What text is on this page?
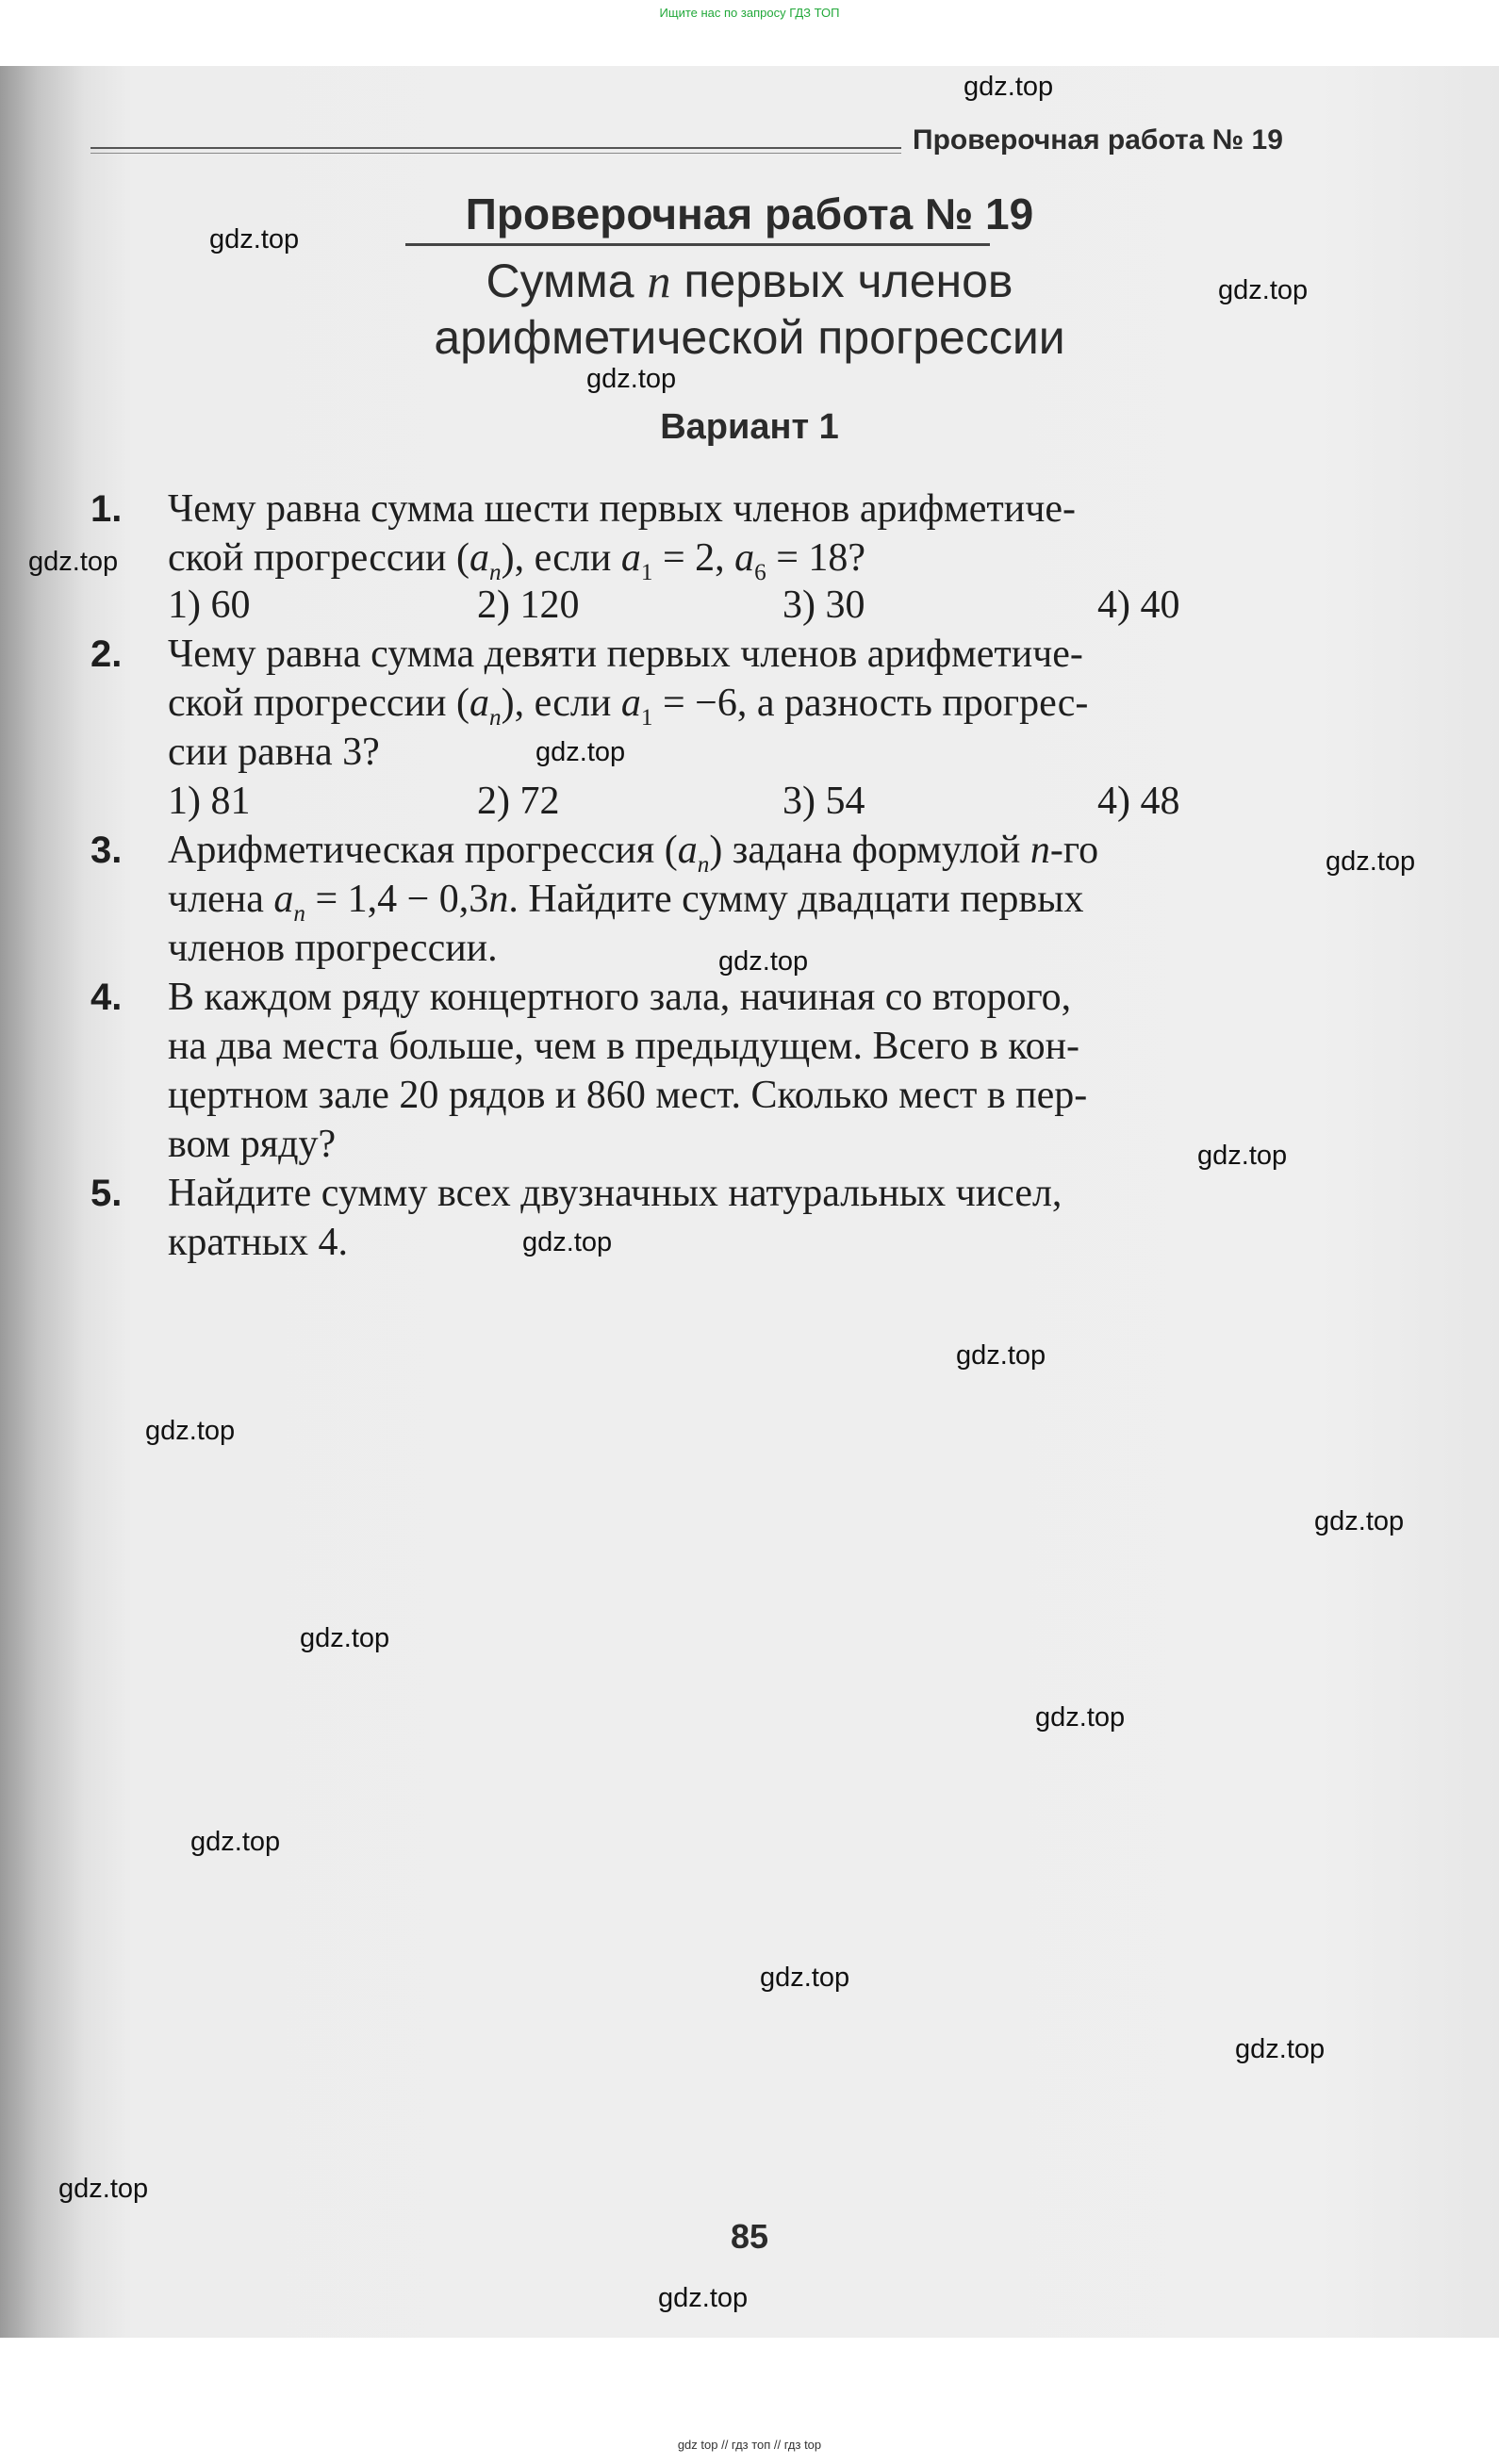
Ищите нас по запросу ГДЗ ТОП
Проверочная работа № 19
Проверочная работа № 19
Сумма n первых членов
арифметической прогрессии
Вариант 1
1. Чему равна сумма шести первых членов арифметиче-
ской прогрессии $(a_n)$, если $a_1 = 2$, $a_6 = 18$?
1) 60	2) 120	3) 30	4) 40
2. Чему равна сумма девяти первых членов арифметиче-
ской прогрессии $(a_n)$, если $a_1 = -6$, а разность прогрес-
сии равна 3?
1) 81	2) 72	3) 54	4) 48
3. Арифметическая прогрессия $(a_n)$ задана формулой n-го
члена $a_n = 1,4 - 0,3n$. Найдите сумму двадцати первых
членов прогрессии.
4. В каждом ряду концертного зала, начиная со второго,
на два места больше, чем в предыдущем. Всего в кон-
цертном зале 20 рядов и 860 мест. Сколько мест в пер-
вом ряду?
5. Найдите сумму всех двузначных натуральных чисел,
кратных 4.
85
gdz.top
gdz.top
gdz.top
gdz.top
gdz.top
gdz.top
gdz.top
gdz.top
gdz.top
gdz.top
gdz.top
gdz.top
gdz.top
gdz.top
gdz.top
gdz.top
gdz.top
gdz.top
gdz.top
gdz.top
gdz top // гдз топ // гдз top
